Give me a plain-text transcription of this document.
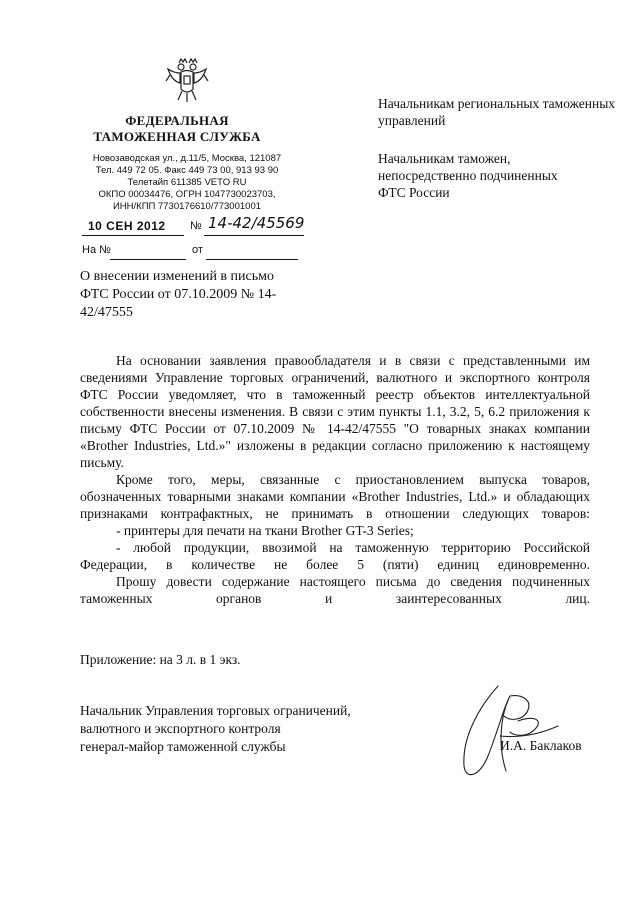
ФЕДЕРАЛЬНАЯ
ТАМОЖЕННАЯ СЛУЖБА
Новозаводская ул., д.11/5, Москва, 121087
Тел. 449 72 05. Факс 449 73 00, 913 93 90
Телетайп 611385 VETO RU
ОКПО 00034476, ОГРН 1047730023703,
ИНН/КПП 7730176610/773001001
10 СЕН 2012 № 14-42/45569
На №	от
Начальникам региональных таможенных управлений
Начальникам таможен, непосредственно подчиненных ФТС России
О внесении изменений в письмо ФТС России от 07.10.2009 № 14-42/47555

На основании заявления правообладателя и в связи с представленными им сведениями Управление торговых ограничений, валютного и экспортного контроля ФТС России уведомляет, что в таможенный реестр объектов интеллектуальной собственности внесены изменения. В связи с этим пункты 1.1, 3.2, 5, 6.2 приложения к письму ФТС России от 07.10.2009 № 14-42/47555 "О товарных знаках компании «Brother Industries, Ltd.»" изложены в редакции согласно приложению к настоящему письму.

Кроме того, меры, связанные с приостановлением выпуска товаров, обозначенных товарными знаками компании «Brother Industries, Ltd.» и обладающих признаками контрафактных, не принимать в отношении следующих товаров:

- принтеры для печати на ткани Brother GT-3 Series;

- любой продукции, ввозимой на таможенную территорию Российской Федерации, в количестве не более 5 (пяти) единиц единовременно.

Прошу довести содержание настоящего письма до сведения подчиненных таможенных органов и заинтересованных лиц.

Приложение: на 3 л. в 1 экз.
Начальник Управления торговых ограничений,
валютного и экспортного контроля
генерал-майор таможенной службы	И.А. Баклаков
